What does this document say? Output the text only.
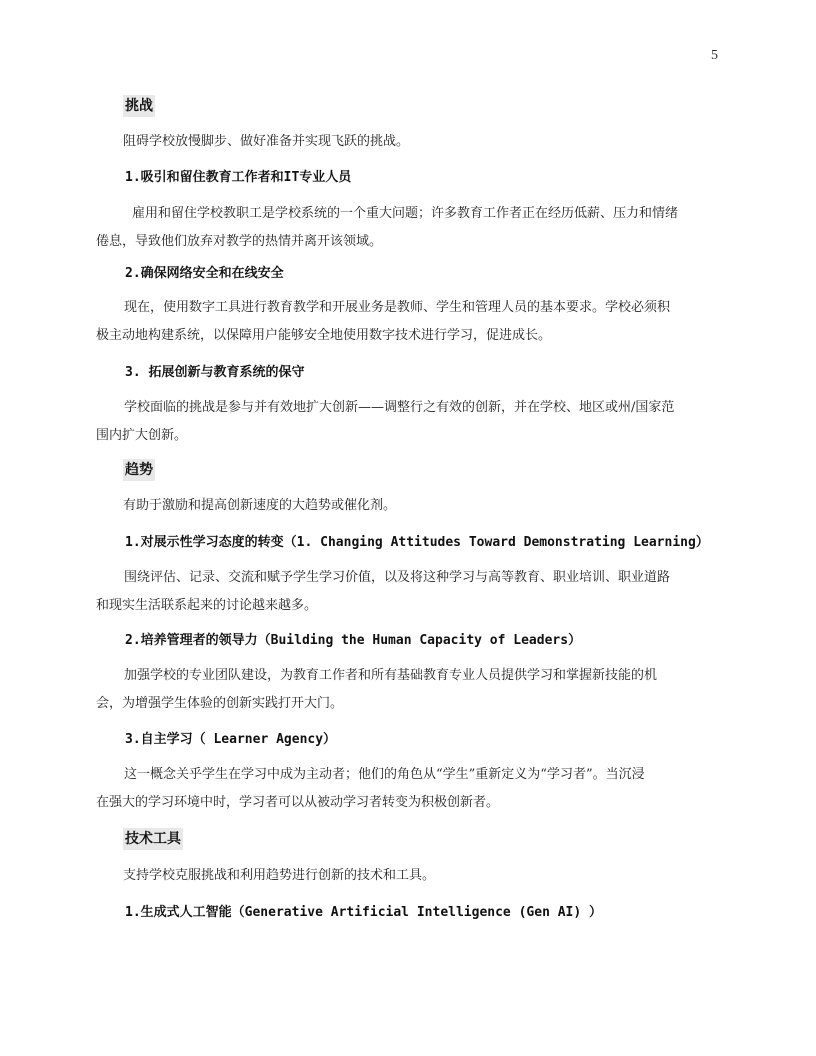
5
挑战
阻碍学校放慢脚步、做好准备并实现飞跃的挑战。
1.吸引和留住教育工作者和IT专业人员
雇用和留住学校教职工是学校系统的一个重大问题；许多教育工作者正在经历低薪、压力和情绪
倦息，导致他们放弃对教学的热情并离开该领域。
2.确保网络安全和在线安全
现在，使用数字工具进行教育教学和开展业务是教师、学生和管理人员的基本要求。学校必须积
极主动地构建系统，以保障用户能够安全地使用数字技术进行学习，促进成长。
3. 拓展创新与教育系统的保守
学校面临的挑战是参与并有效地扩大创新——调整行之有效的创新，并在学校、地区或州/国家范
围内扩大创新。
趋势
有助于激励和提高创新速度的大趋势或催化剂。
1.对展示性学习态度的转变（1. Changing Attitudes Toward Demonstrating Learning）
围绕评估、记录、交流和赋予学生学习价值，以及将这种学习与高等教育、职业培训、职业道路
和现实生活联系起来的讨论越来越多。
2.培养管理者的领导力（Building the Human Capacity of Leaders）
加强学校的专业团队建设，为教育工作者和所有基础教育专业人员提供学习和掌握新技能的机
会，为增强学生体验的创新实践打开大门。
3.自主学习（ Learner Agency）
这一概念关乎学生在学习中成为主动者；他们的角色从“学生”重新定义为“学习者”。当沉浸
在强大的学习环境中时，学习者可以从被动学习者转变为积极创新者。
技术工具
支持学校克服挑战和利用趋势进行创新的技术和工具。
1.生成式人工智能（Generative Artificial Intelligence (Gen AI) ）
